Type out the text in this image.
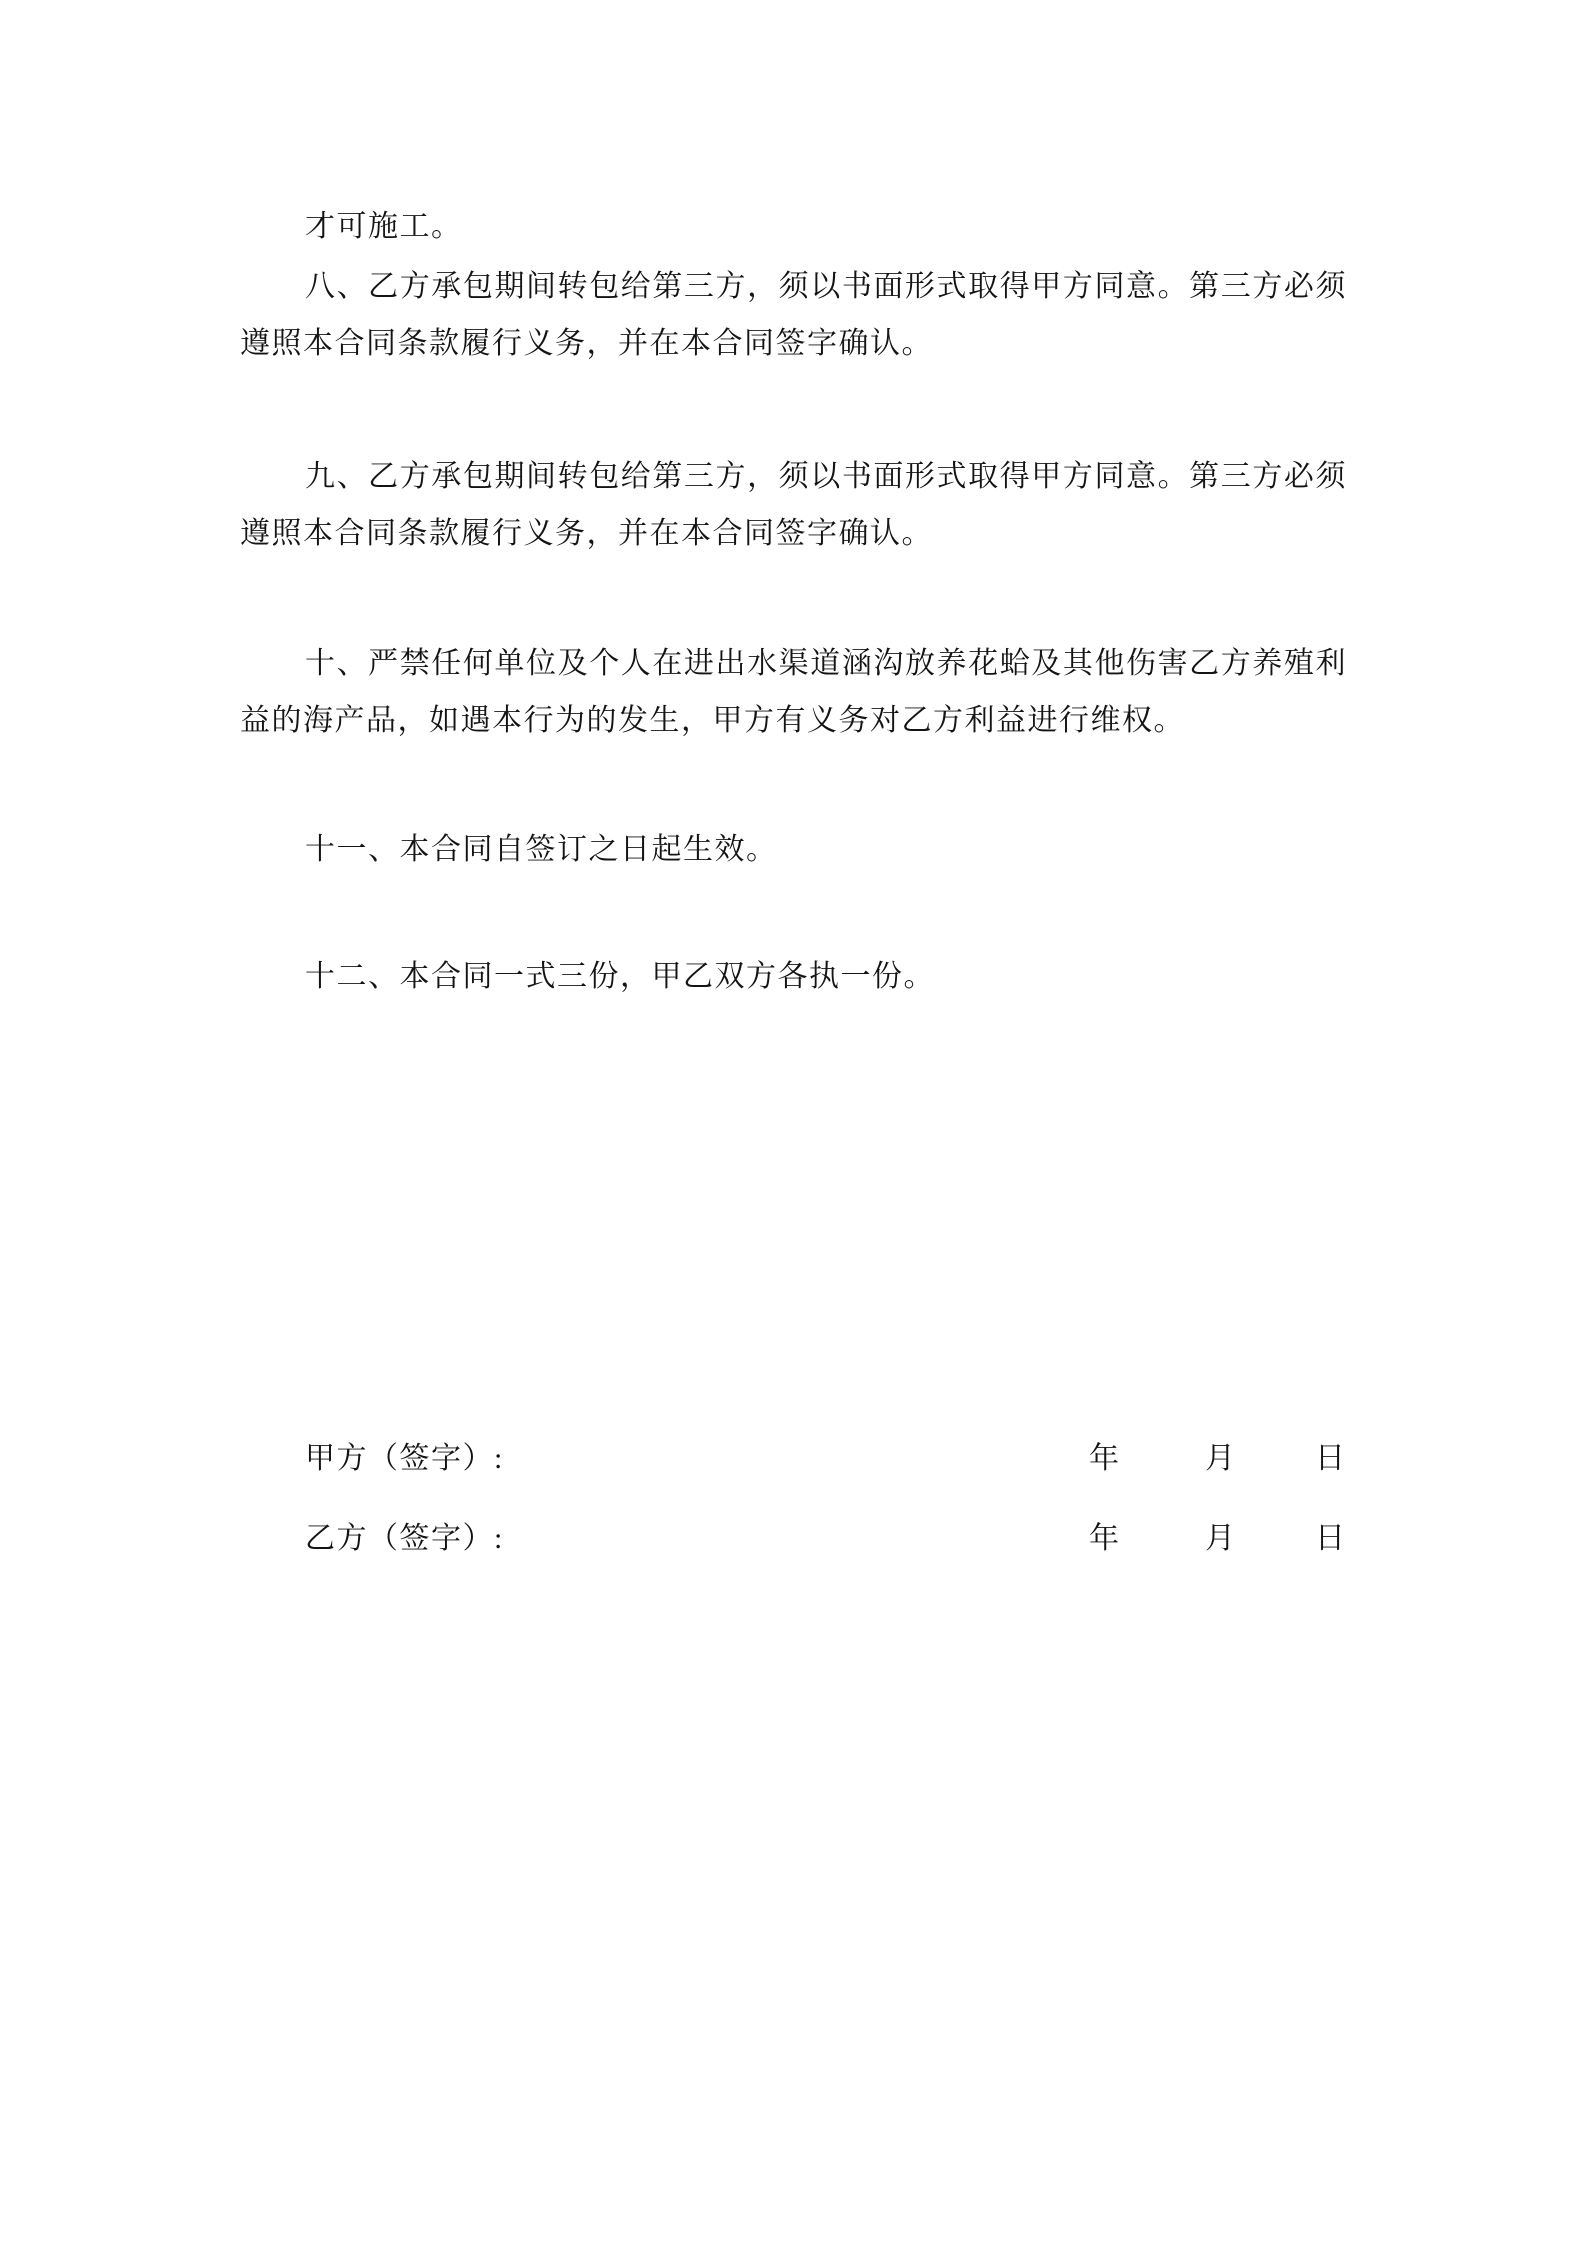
才可施工。

八、乙方承包期间转包给第三方，须以书面形式取得甲方同意。第三方必须遵照本合同条款履行义务，并在本合同签字确认。

九、乙方承包期间转包给第三方，须以书面形式取得甲方同意。第三方必须遵照本合同条款履行义务，并在本合同签字确认。

十、严禁任何单位及个人在进出水渠道涵沟放养花蛤及其他伤害乙方养殖利益的海产品，如遇本行为的发生，甲方有义务对乙方利益进行维权。

十一、本合同自签订之日起生效。

十二、本合同一式三份，甲乙双方各执一份。

甲方（签字）:	年	月	日
乙方（签字）:	年	月	日
